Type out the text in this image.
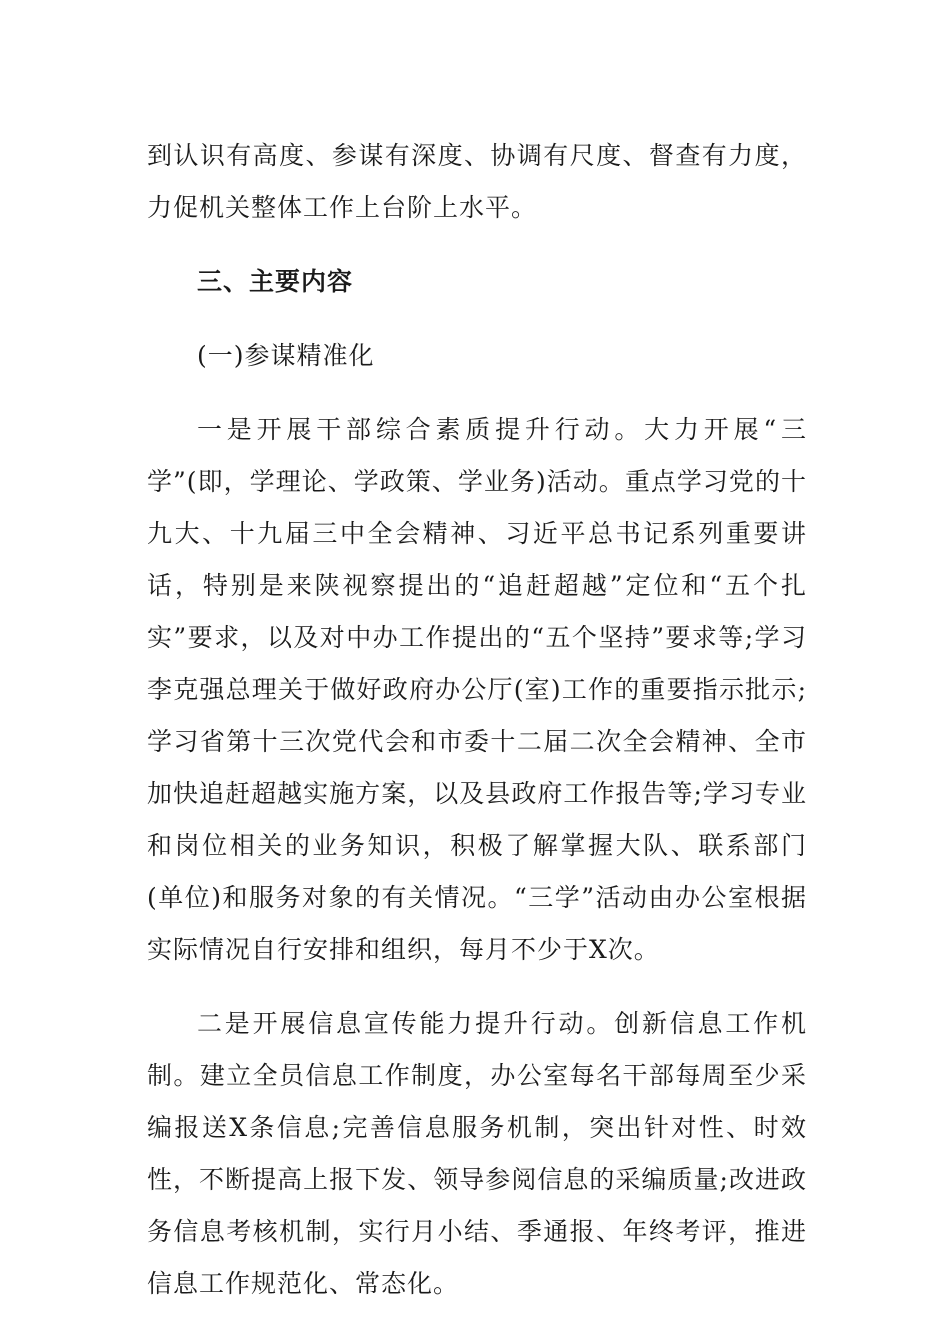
到认识有高度、参谋有深度、协调有尺度、督查有力度，力促机关整体工作上台阶上水平。

三、主要内容

(一)参谋精准化

一是开展干部综合素质提升行动。大力开展“三学”(即，学理论、学政策、学业务)活动。重点学习党的十九大、十九届三中全会精神、习近平总书记系列重要讲话，特别是来陕视察提出的“追赶超越”定位和“五个扎实”要求，以及对中办工作提出的“五个坚持”要求等;学习李克强总理关于做好政府办公厅(室)工作的重要指示批示;学习省第十三次党代会和市委十二届二次全会精神、全市加快追赶超越实施方案，以及县政府工作报告等;学习专业和岗位相关的业务知识，积极了解掌握大队、联系部门(单位)和服务对象的有关情况。“三学”活动由办公室根据实际情况自行安排和组织，每月不少于X次。

二是开展信息宣传能力提升行动。创新信息工作机制。建立全员信息工作制度，办公室每名干部每周至少采编报送X条信息;完善信息服务机制，突出针对性、时效性，不断提高上报下发、领导参阅信息的采编质量;改进政务信息考核机制，实行月小结、季通报、年终考评，推进信息工作规范化、常态化。
